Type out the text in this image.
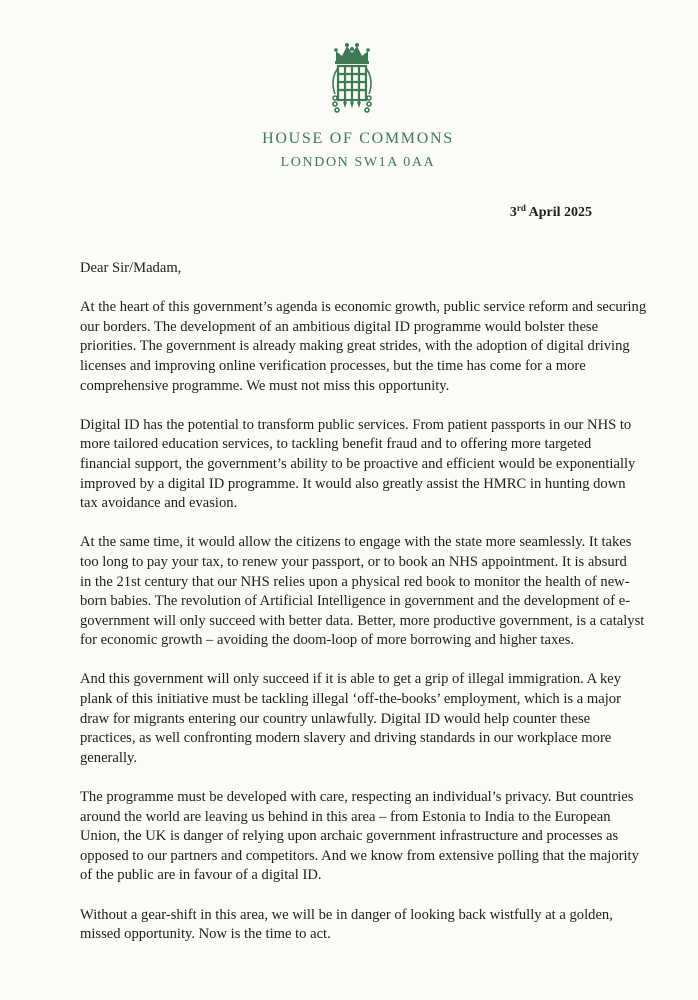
HOUSE OF COMMONS
LONDON SW1A 0AA
3rd April 2025

Dear Sir/Madam,

At the heart of this government’s agenda is economic growth, public service reform and securing
our borders. The development of an ambitious digital ID programme would bolster these
priorities. The government is already making great strides, with the adoption of digital driving
licenses and improving online verification processes, but the time has come for a more
comprehensive programme. We must not miss this opportunity.

Digital ID has the potential to transform public services. From patient passports in our NHS to
more tailored education services, to tackling benefit fraud and to offering more targeted
financial support, the government’s ability to be proactive and efficient would be exponentially
improved by a digital ID programme. It would also greatly assist the HMRC in hunting down
tax avoidance and evasion.

At the same time, it would allow the citizens to engage with the state more seamlessly. It takes
too long to pay your tax, to renew your passport, or to book an NHS appointment. It is absurd
in the 21st century that our NHS relies upon a physical red book to monitor the health of new-
born babies. The revolution of Artificial Intelligence in government and the development of e-
government will only succeed with better data. Better, more productive government, is a catalyst
for economic growth – avoiding the doom-loop of more borrowing and higher taxes.

And this government will only succeed if it is able to get a grip of illegal immigration. A key
plank of this initiative must be tackling illegal ‘off-the-books’ employment, which is a major
draw for migrants entering our country unlawfully. Digital ID would help counter these
practices, as well confronting modern slavery and driving standards in our workplace more
generally.

The programme must be developed with care, respecting an individual’s privacy. But countries
around the world are leaving us behind in this area – from Estonia to India to the European
Union, the UK is danger of relying upon archaic government infrastructure and processes as
opposed to our partners and competitors. And we know from extensive polling that the majority
of the public are in favour of a digital ID.

Without a gear-shift in this area, we will be in danger of looking back wistfully at a golden,
missed opportunity. Now is the time to act.
